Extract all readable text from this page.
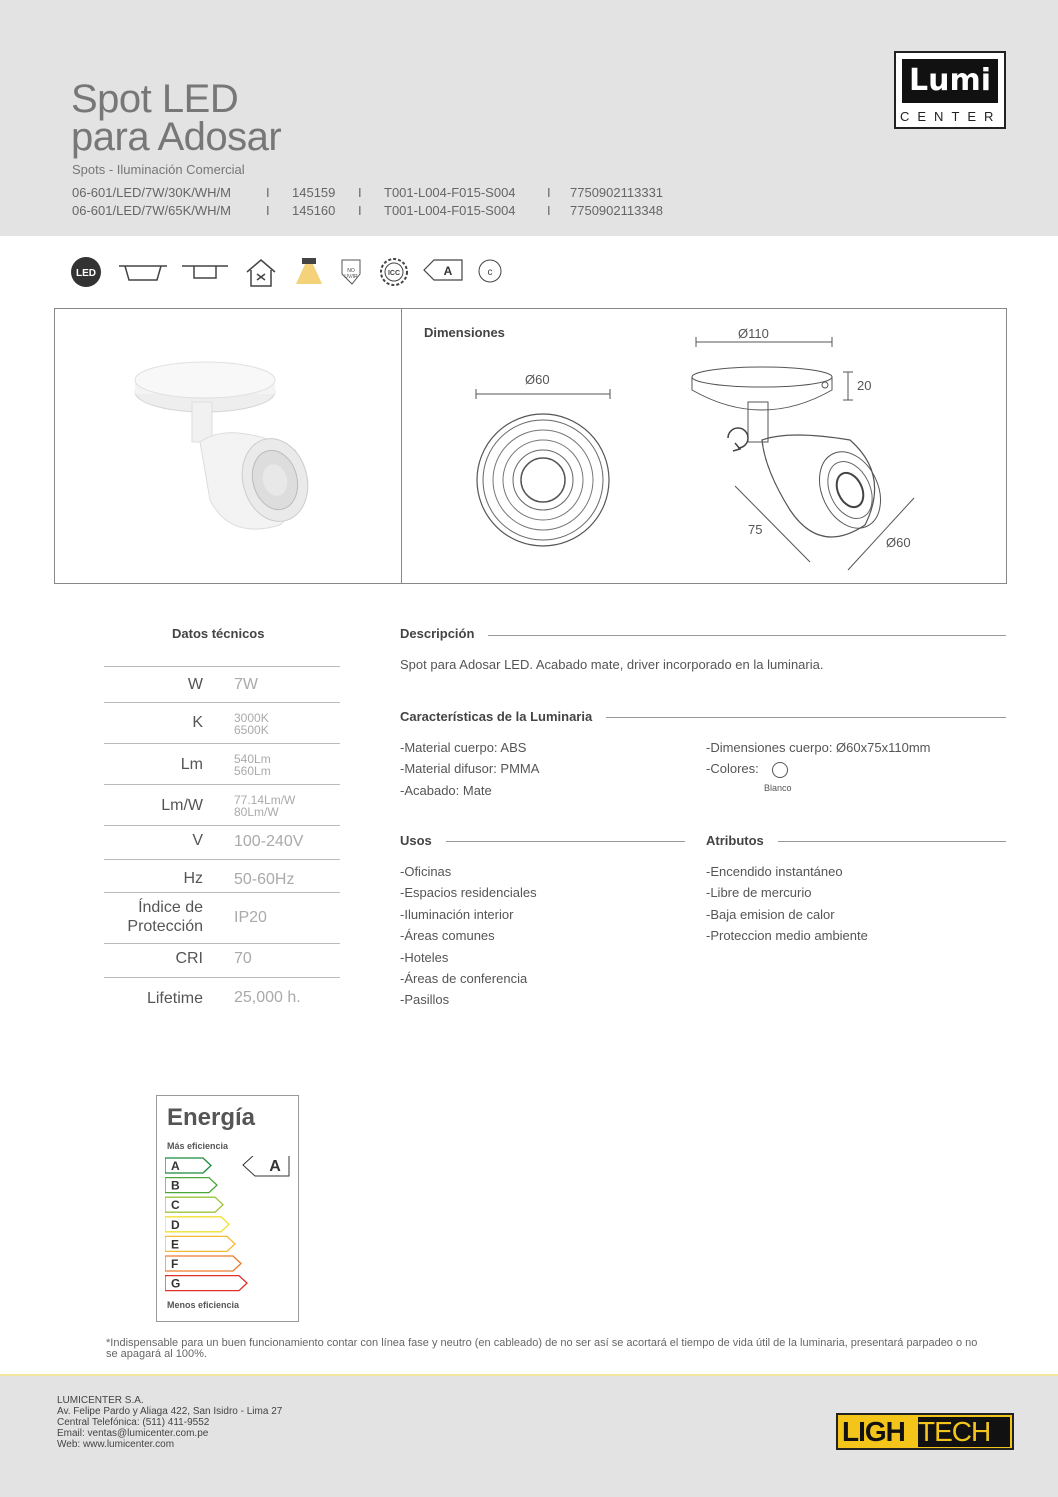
Spot LED
para Adosar
Spots - Iluminación Comercial
06-601/LED/7W/30K/WH/M	I	145159	I	T001-L004-F015-S004	I	7750902113331
06-601/LED/7W/65K/WH/M	I	145160	I	T001-L004-F015-S004	I	7750902113348
Lumi
CENTER
LED	NO
UV/IR	ICC	A	c
Dimensiones
Ø60
Ø110
20
75
Ø60
Datos técnicos
W 7W
K	3000K
6500K
Lm	540Lm
560Lm
Lm/W	77.14Lm/W
80Lm/W
V 100-240V
Hz 50-60Hz
Índice de
Protección
IP20
CRI 70
Lifetime 25,000 h.
Descripción
Spot para Adosar LED. Acabado mate, driver incorporado en la luminaria.
Características de la Luminaria
-Material cuerpo: ABS
-Material difusor: PMMA
-Acabado: Mate
-Dimensiones cuerpo: Ø60x75x110mm
-Colores:
Blanco
Usos
-Oficinas
-Espacios residenciales
-Iluminación interior
-Áreas comunes
-Hoteles
-Áreas de conferencia
-Pasillos
Atributos
-Encendido instantáneo
-Libre de mercurio
-Baja emision de calor
-Proteccion medio ambiente
Energía
Más eficiencia
A
B
C
D
E
F
G
A
Menos eficiencia
*Indispensable para un buen funcionamiento contar con línea fase y neutro (en cableado) de no ser así se acortará el tiempo de vida útil de la luminaria, presentará parpadeo o no se apagará al 100%.
LUMICENTER S.A.
Av. Felipe Pardo y Aliaga 422, San Isidro - Lima 27
Central Telefónica: (511) 411-9552
Email: ventas@lumicenter.com.pe
Web: www.lumicenter.com	LIGH TECH
